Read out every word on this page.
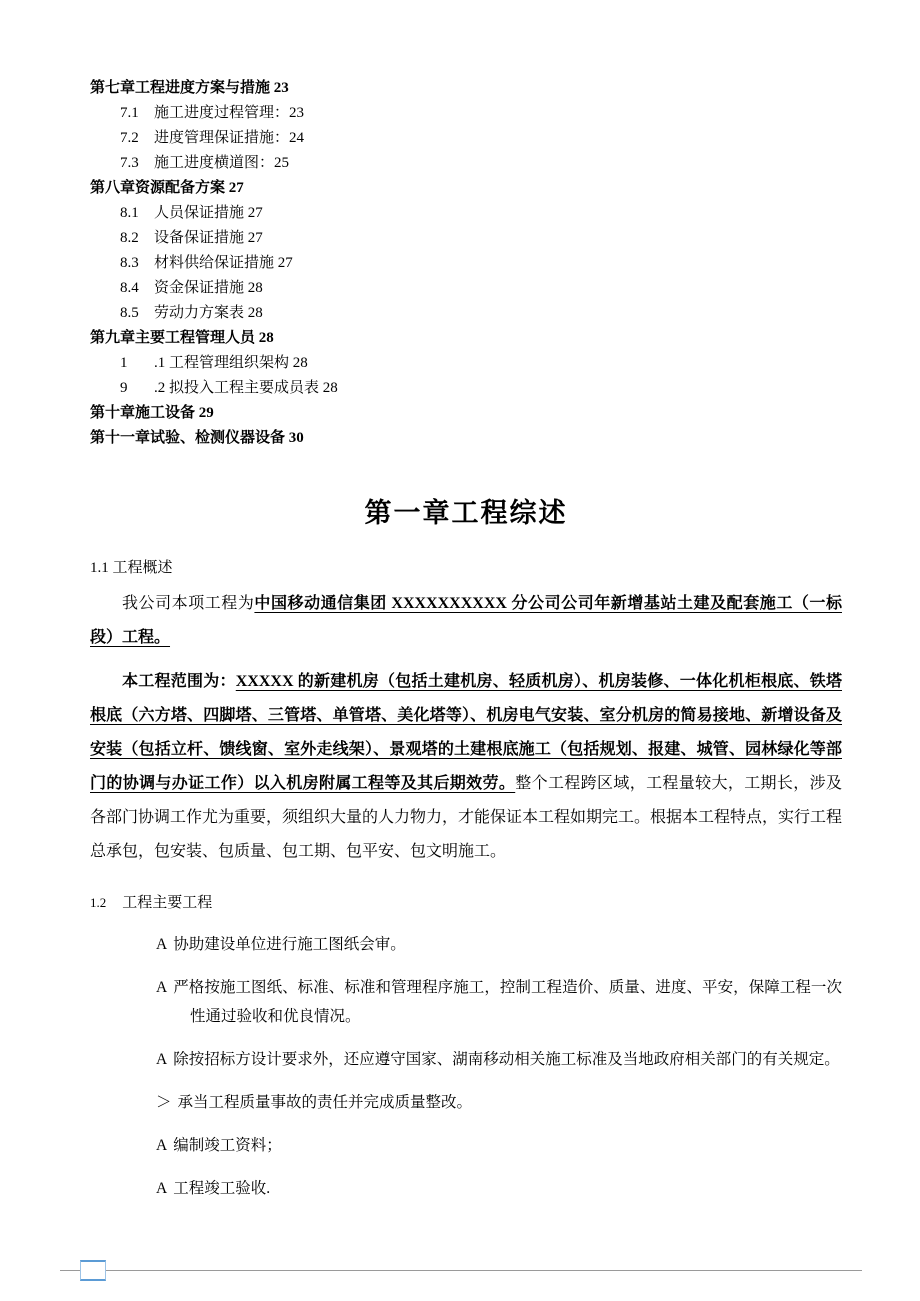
第七章工程进度方案与措施 23
7.1 施工进度过程管理：23
7.2 进度管理保证措施：24
7.3 施工进度横道图：25
第八章资源配备方案 27
8.1 人员保证措施 27
8.2 设备保证措施 27
8.3 材料供给保证措施 27
8.4 资金保证措施 28
8.5 劳动力方案表 28
第九章主要工程管理人员 28
1 .1 工程管理组织架构 28
9 .2 拟投入工程主要成员表 28
第十章施工设备 29
第十一章试验、检测仪器设备 30
第一章工程综述
1.1 工程概述

我公司本项工程为中国移动通信集团 XXXXXXXXXX 分公司公司年新增基站土建及配套施工（一标段）工程。

本工程范围为：XXXXX 的新建机房（包括土建机房、轻质机房）、机房装修、一体化机柜根底、铁塔根底（六方塔、四脚塔、三管塔、单管塔、美化塔等）、机房电气安装、室分机房的简易接地、新增设备及安装（包括立杆、馈线窗、室外走线架）、景观塔的土建根底施工（包括规划、报建、城管、园林绿化等部门的协调与办证工作）以入机房附属工程等及其后期效劳。整个工程跨区域，工程量较大，工期长，涉及各部门协调工作尤为重要，须组织大量的人力物力，才能保证本工程如期完工。根据本工程特点，实行工程总承包，包安装、包质量、包工期、包平安、包文明施工。

1.2 工程主要工程
A 协助建设单位进行施工图纸会审。
A 严格按施工图纸、标准、标准和管理程序施工，控制工程造价、质量、进度、平安，保障工程一次性通过验收和优良情况。
A 除按招标方设计要求外，还应遵守国家、湖南移动相关施工标准及当地政府相关部门的有关规定。
＞ 承当工程质量事故的责任并完成质量整改。
A 编制竣工资料；
A 工程竣工验收.
